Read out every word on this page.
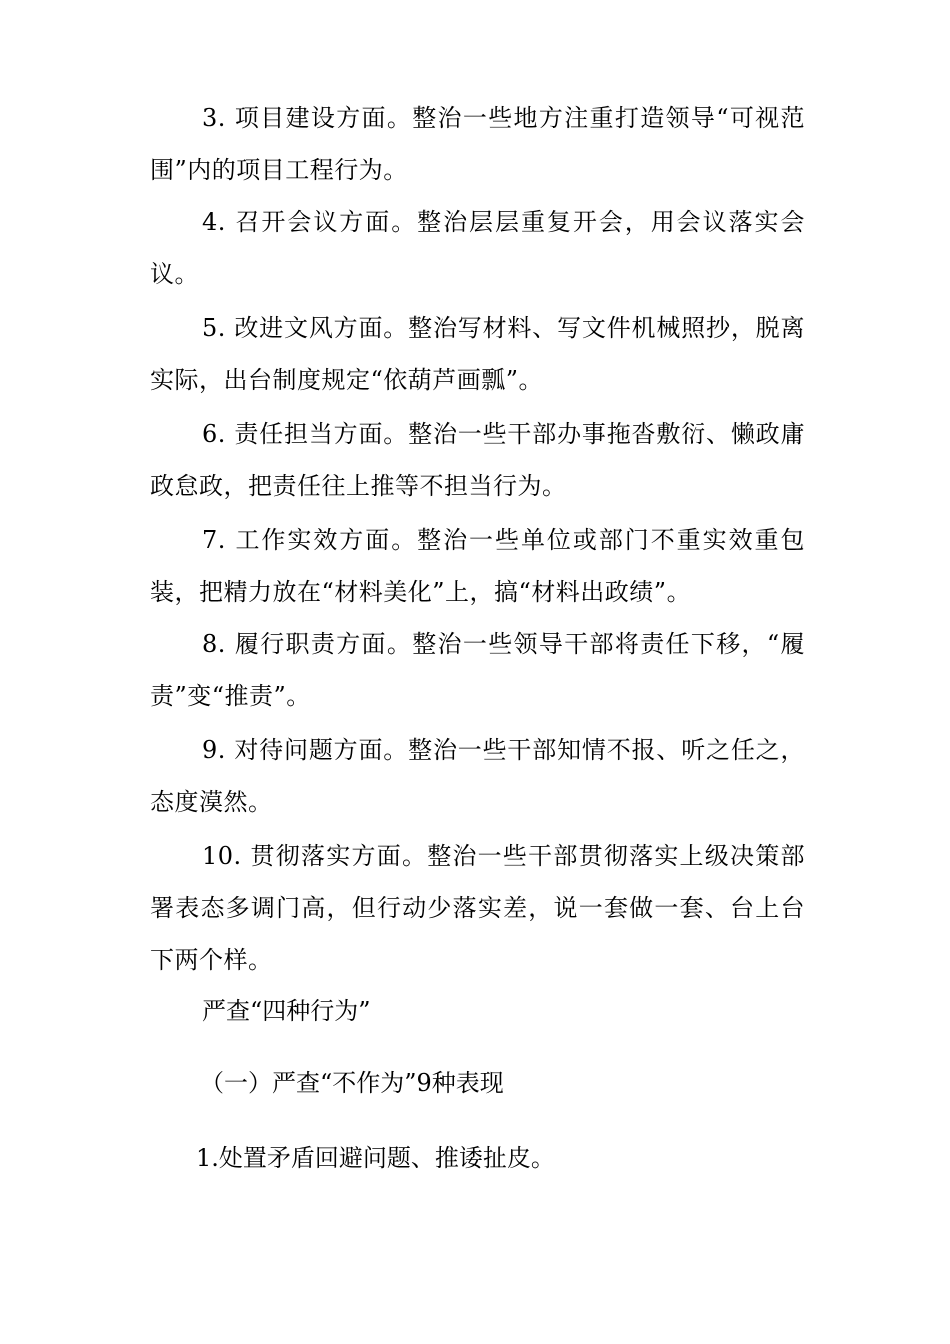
3. 项目建设方面。整治一些地方注重打造领导“可视范围”内的项目工程行为。

4. 召开会议方面。整治层层重复开会，用会议落实会议。

5. 改进文风方面。整治写材料、写文件机械照抄，脱离实际，出台制度规定“依葫芦画瓢”。

6. 责任担当方面。整治一些干部办事拖沓敷衍、懒政庸政怠政，把责任往上推等不担当行为。

7. 工作实效方面。整治一些单位或部门不重实效重包装，把精力放在“材料美化”上，搞“材料出政绩”。

8. 履行职责方面。整治一些领导干部将责任下移，“履责”变“推责”。

9. 对待问题方面。整治一些干部知情不报、听之任之，态度漠然。

10. 贯彻落实方面。整治一些干部贯彻落实上级决策部署表态多调门高，但行动少落实差，说一套做一套、台上台下两个样。

严查“四种行为”

（一）严查“不作为”9种表现

1.处置矛盾回避问题、推诿扯皮。
